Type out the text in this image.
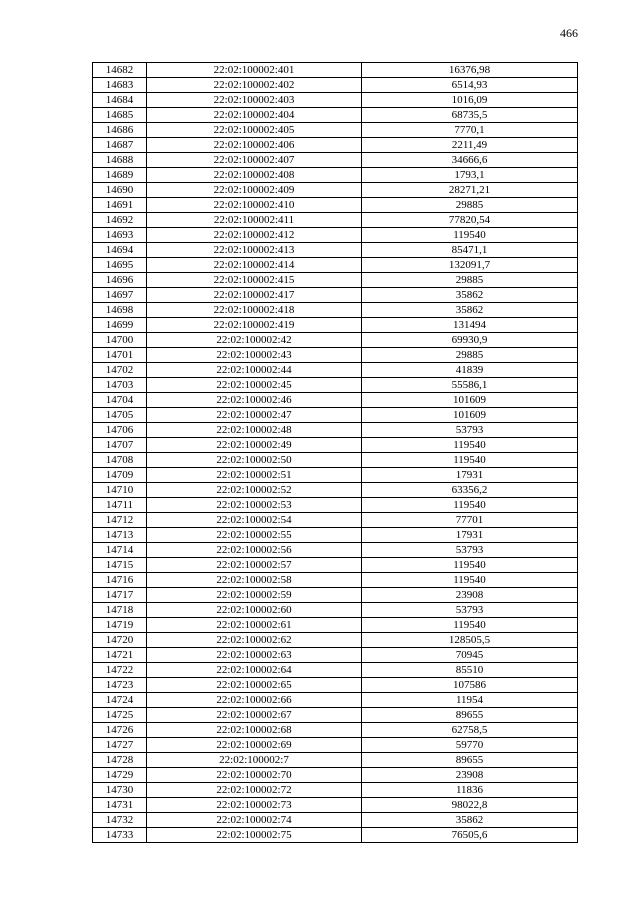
466
14682	22:02:100002:401	16376,98
14683	22:02:100002:402	6514,93
14684	22:02:100002:403	1016,09
14685	22:02:100002:404	68735,5
14686	22:02:100002:405	7770,1
14687	22:02:100002:406	2211,49
14688	22:02:100002:407	34666,6
14689	22:02:100002:408	1793,1
14690	22:02:100002:409	28271,21
14691	22:02:100002:410	29885
14692	22:02:100002:411	77820,54
14693	22:02:100002:412	119540
14694	22:02:100002:413	85471,1
14695	22:02:100002:414	132091,7
14696	22:02:100002:415	29885
14697	22:02:100002:417	35862
14698	22:02:100002:418	35862
14699	22:02:100002:419	131494
14700	22:02:100002:42	69930,9
14701	22:02:100002:43	29885
14702	22:02:100002:44	41839
14703	22:02:100002:45	55586,1
14704	22:02:100002:46	101609
14705	22:02:100002:47	101609
14706	22:02:100002:48	53793
14707	22:02:100002:49	119540
14708	22:02:100002:50	119540
14709	22:02:100002:51	17931
14710	22:02:100002:52	63356,2
14711	22:02:100002:53	119540
14712	22:02:100002:54	77701
14713	22:02:100002:55	17931
14714	22:02:100002:56	53793
14715	22:02:100002:57	119540
14716	22:02:100002:58	119540
14717	22:02:100002:59	23908
14718	22:02:100002:60	53793
14719	22:02:100002:61	119540
14720	22:02:100002:62	128505,5
14721	22:02:100002:63	70945
14722	22:02:100002:64	85510
14723	22:02:100002:65	107586
14724	22:02:100002:66	11954
14725	22:02:100002:67	89655
14726	22:02:100002:68	62758,5
14727	22:02:100002:69	59770
14728	22:02:100002:7	89655
14729	22:02:100002:70	23908
14730	22:02:100002:72	11836
14731	22:02:100002:73	98022,8
14732	22:02:100002:74	35862
14733	22:02:100002:75	76505,6
